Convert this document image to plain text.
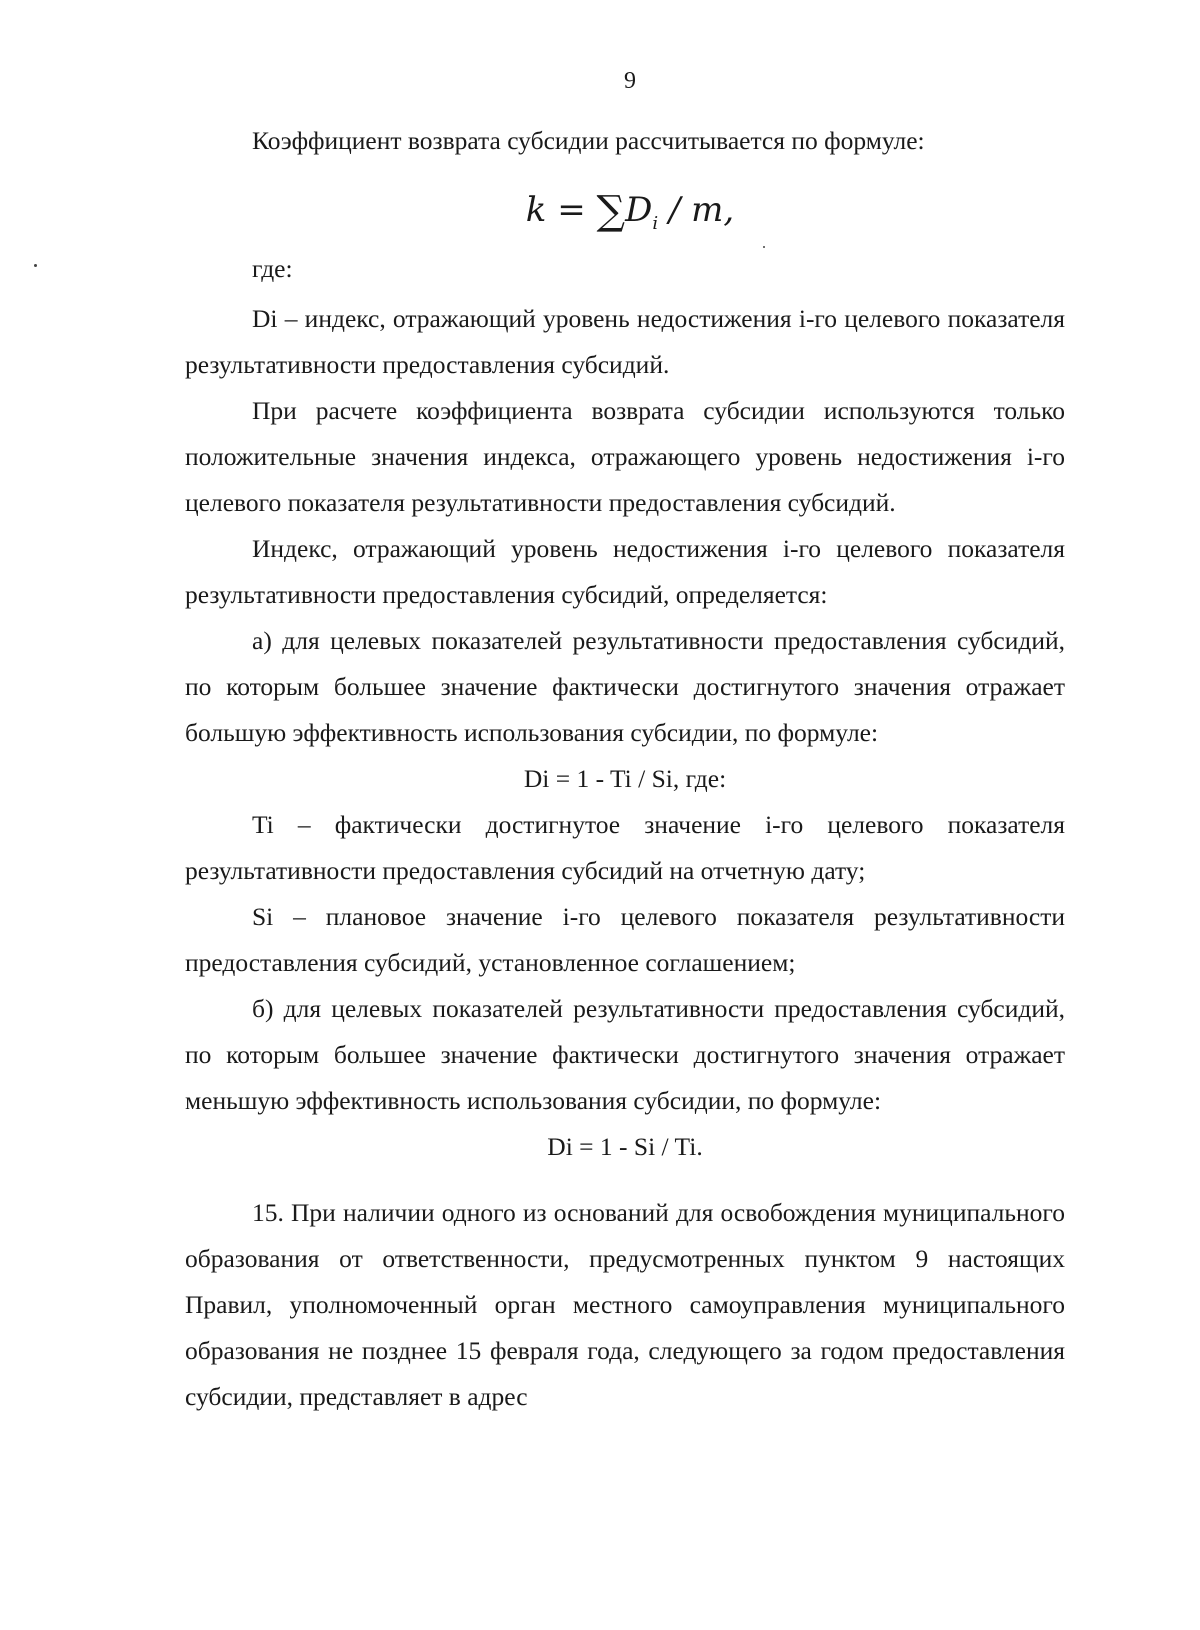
9

Коэффициент возврата субсидии рассчитывается по формуле:

$k = \sum D_i / m$,

где:

Di – индекс, отражающий уровень недостижения i-го целевого показателя результативности предоставления субсидий.

При расчете коэффициента возврата субсидии используются только положительные значения индекса, отражающего уровень недостижения i-го целевого показателя результативности предоставления субсидий.

Индекс, отражающий уровень недостижения i-го целевого показателя результативности предоставления субсидий, определяется:

а) для целевых показателей результативности предоставления субсидий, по которым большее значение фактически достигнутого значения отражает большую эффективность использования субсидии, по формуле:

Di = 1 - Ti / Si, где:

Ti – фактически достигнутое значение i-го целевого показателя результативности предоставления субсидий на отчетную дату;

Si – плановое значение i-го целевого показателя результативности предоставления субсидий, установленное соглашением;

б) для целевых показателей результативности предоставления субсидий, по которым большее значение фактически достигнутого значения отражает меньшую эффективность использования субсидии, по формуле:

Di = 1 - Si / Ti.

15. При наличии одного из оснований для освобождения муниципального образования от ответственности, предусмотренных пунктом 9 настоящих Правил, уполномоченный орган местного самоуправления муниципального образования не позднее 15 февраля года, следующего за годом предоставления субсидии, представляет в адрес
